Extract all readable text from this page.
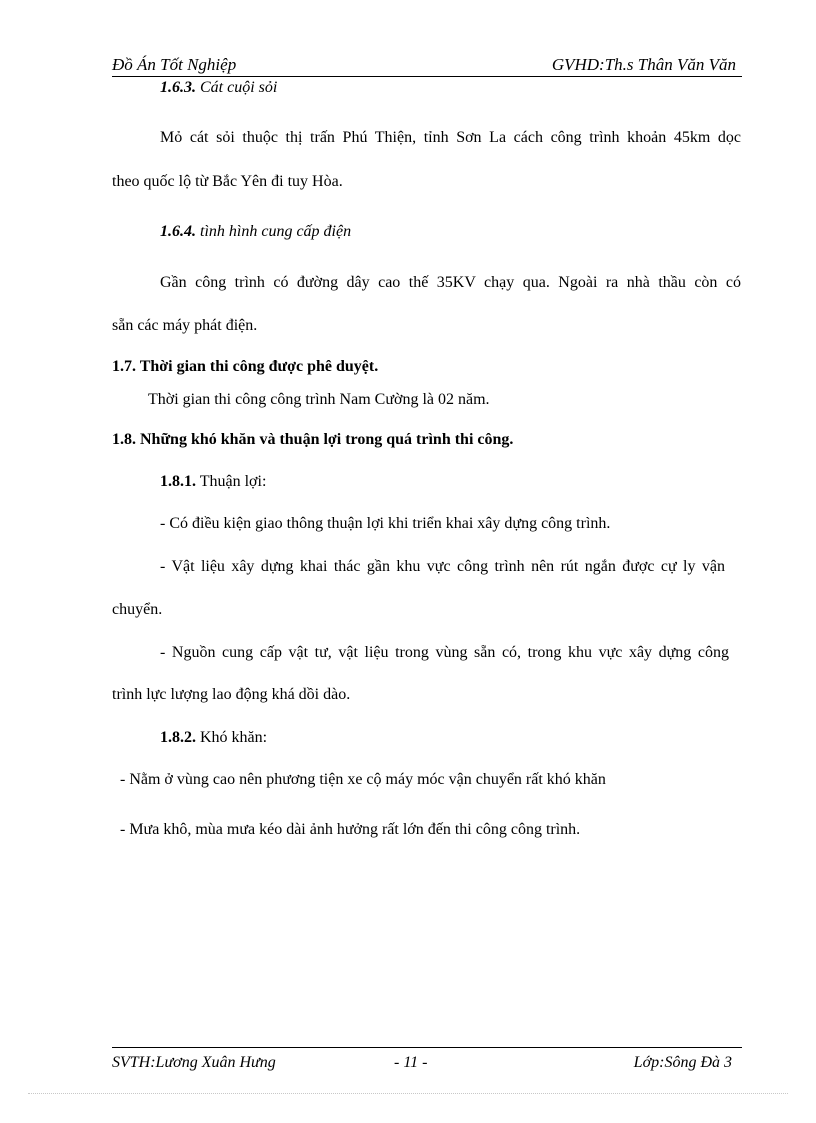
Đồ Án Tốt Nghiệp	GVHD:Th.s Thân Văn Văn
1.6.3. Cát cuội sỏi
Mỏ cát sỏi thuộc thị trấn Phú Thiện, tỉnh Sơn La cách công trình khoản 45km dọc
theo quốc lộ từ Bắc Yên đi tuy Hòa.
1.6.4. tình hình cung cấp điện
Gần công trình có đường dây cao thế 35KV chạy qua. Ngoài ra nhà thầu còn có
sẵn các máy phát điện.
1.7. Thời gian thi công được phê duyệt.
Thời gian thi công công trình Nam Cường là 02 năm.
1.8. Những khó khăn và thuận lợi trong quá trình thi công.
1.8.1. Thuận lợi:
- Có điều kiện giao thông thuận lợi khi triển khai xây dựng công trình.
- Vật liệu xây dựng khai thác gần khu vực công trình nên rút ngắn được cự ly vận
chuyển.
- Nguồn cung cấp vật tư, vật liệu trong vùng sẵn có, trong khu vực xây dựng công
trình lực lượng lao động khá dồi dào.
1.8.2. Khó khăn:
- Nằm ở vùng cao nên phương tiện xe cộ máy móc vận chuyển rất khó khăn
- Mưa khô, mùa mưa kéo dài ảnh hưởng rất lớn đến thi công công trình.
SVTH:Lương Xuân Hưng	- 11 -	Lớp:Sông Đà 3
